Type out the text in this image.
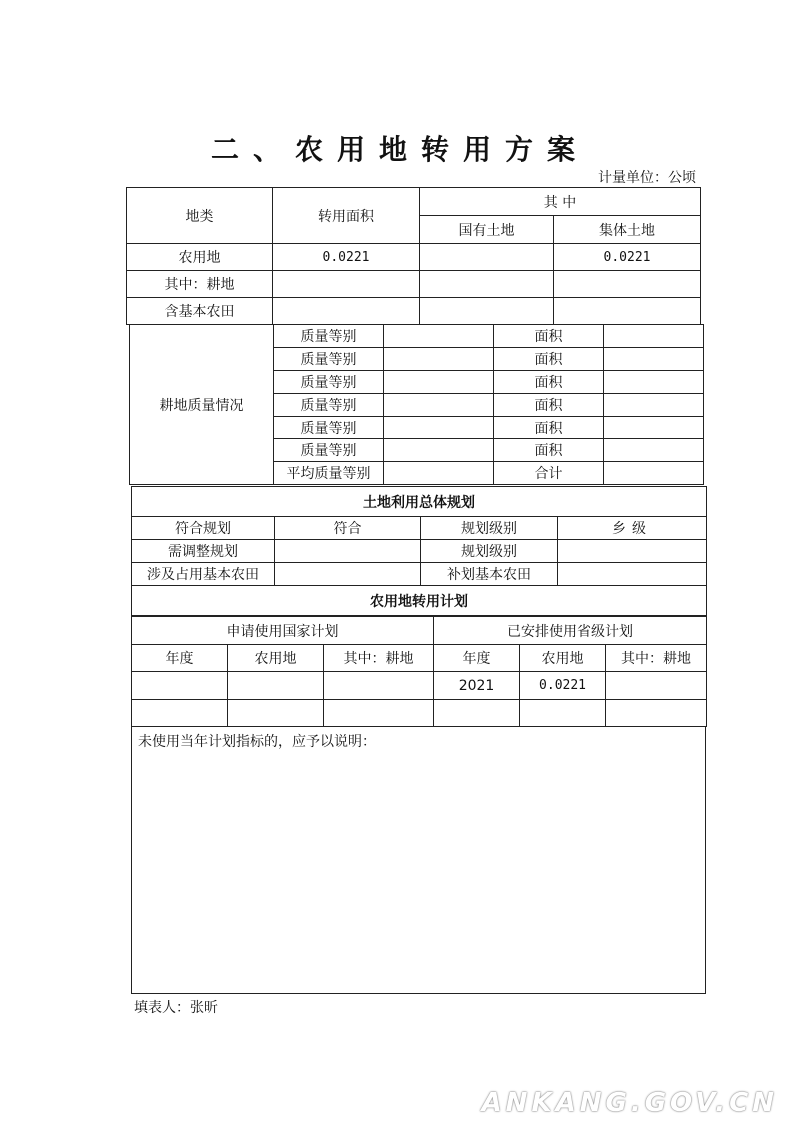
二、农用地转用方案
计量单位：公顷
地类	转用面积	其 中	
		国有土地	集体土地
农用地	0.0221		0.0221
其中：耕地			
含基本农田			
耕地质量情况	质量等别		面积	
	质量等别		面积	
	质量等别		面积	
	质量等别		面积	
	质量等别		面积	
	质量等别		面积	
	平均质量等别		合计	
土地利用总体规划			
符合规划	符合	规划级别	乡级
需调整规划		规划级别	
涉及占用基本农田		补划基本农田	
农用地转用计划			
申请使用国家计划			已安排使用省级计划		
年度	农用地	其中：耕地	年度	农用地	其中：耕地
			2021	0.0221	

未使用当年计划指标的，应予以说明：
填表人：张昕
ANKANG.GOV.CN
